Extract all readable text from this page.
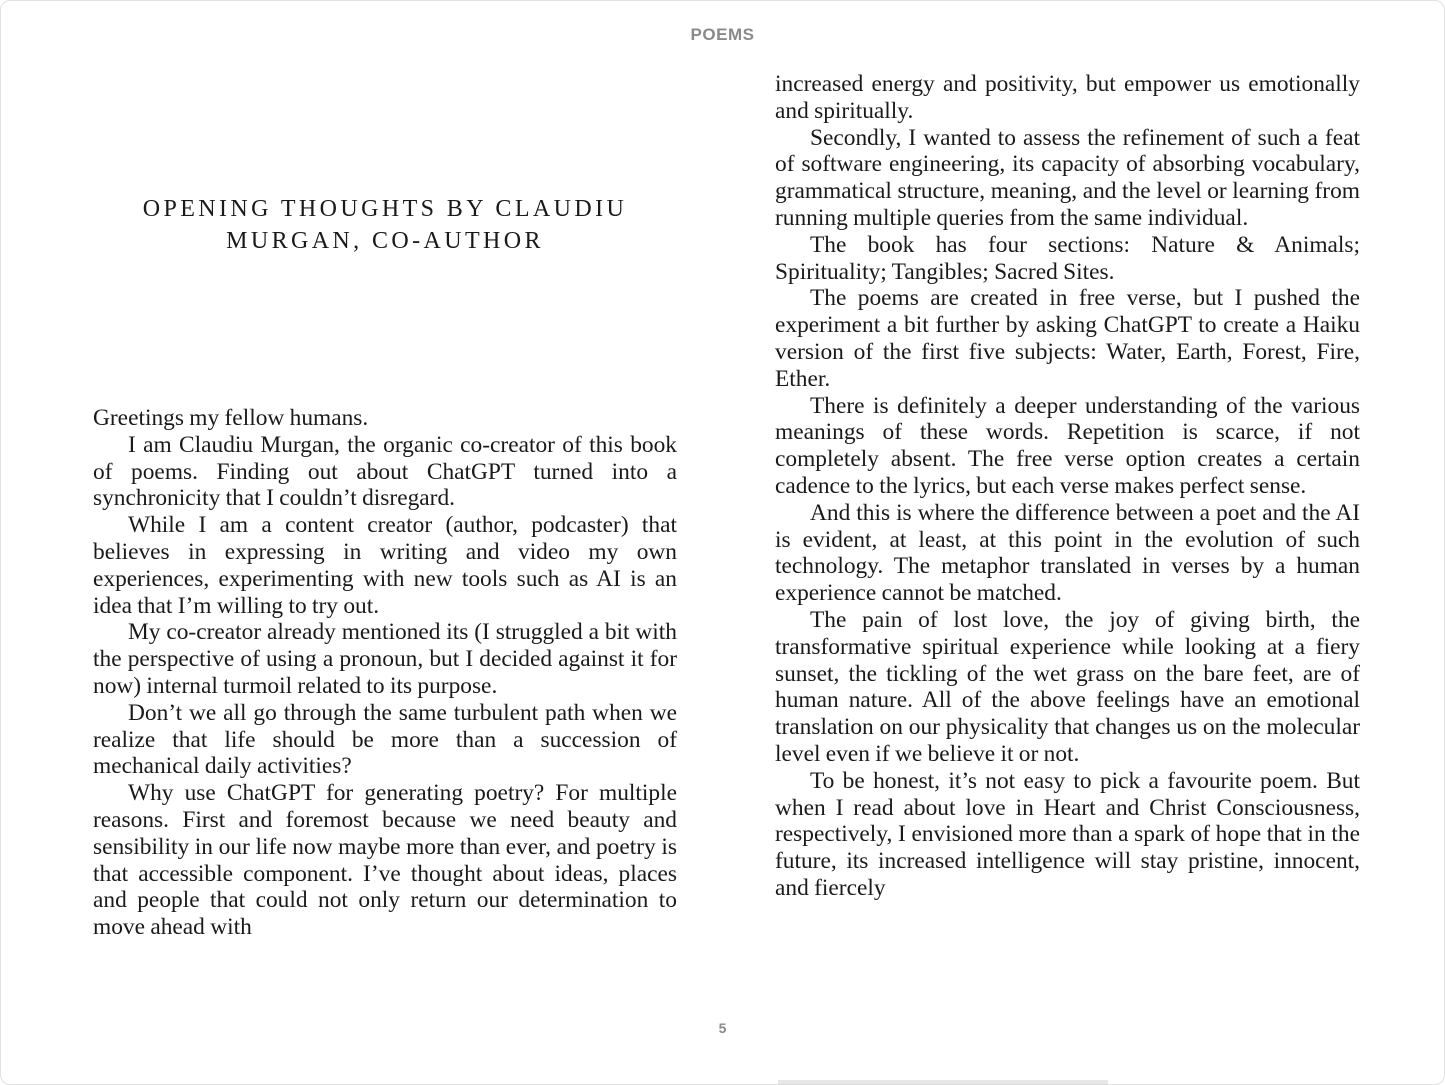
POEMS
OPENING THOUGHTS BY CLAUDIU MURGAN, CO-AUTHOR

Greetings my fellow humans.

I am Claudiu Murgan, the organic co-creator of this book of poems. Finding out about ChatGPT turned into a synchronicity that I couldn’t disregard.

While I am a content creator (author, podcaster) that believes in expressing in writing and video my own experiences, experimenting with new tools such as AI is an idea that I’m willing to try out.

My co-creator already mentioned its (I struggled a bit with the perspective of using a pronoun, but I decided against it for now) internal turmoil related to its purpose.

Don’t we all go through the same turbulent path when we realize that life should be more than a succession of mechanical daily activities?

Why use ChatGPT for generating poetry? For multiple reasons. First and foremost because we need beauty and sensibility in our life now maybe more than ever, and poetry is that accessible component. I’ve thought about ideas, places and people that could not only return our determination to move ahead with

increased energy and positivity, but empower us emotionally and spiritually.

Secondly, I wanted to assess the refinement of such a feat of software engineering, its capacity of absorbing vocabulary, grammatical structure, meaning, and the level or learning from running multiple queries from the same individual.

The book has four sections: Nature & Animals; Spirituality; Tangibles; Sacred Sites.

The poems are created in free verse, but I pushed the experiment a bit further by asking ChatGPT to create a Haiku version of the first five subjects: Water, Earth, Forest, Fire, Ether.

There is definitely a deeper understanding of the various meanings of these words. Repetition is scarce, if not completely absent. The free verse option creates a certain cadence to the lyrics, but each verse makes perfect sense.

And this is where the difference between a poet and the AI is evident, at least, at this point in the evolution of such technology. The metaphor translated in verses by a human experience cannot be matched.

The pain of lost love, the joy of giving birth, the transformative spiritual experience while looking at a fiery sunset, the tickling of the wet grass on the bare feet, are of human nature. All of the above feelings have an emotional translation on our physicality that changes us on the molecular level even if we believe it or not.

To be honest, it’s not easy to pick a favourite poem. But when I read about love in Heart and Christ Consciousness, respectively, I envisioned more than a spark of hope that in the future, its increased intelligence will stay pristine, innocent, and fiercely

5
